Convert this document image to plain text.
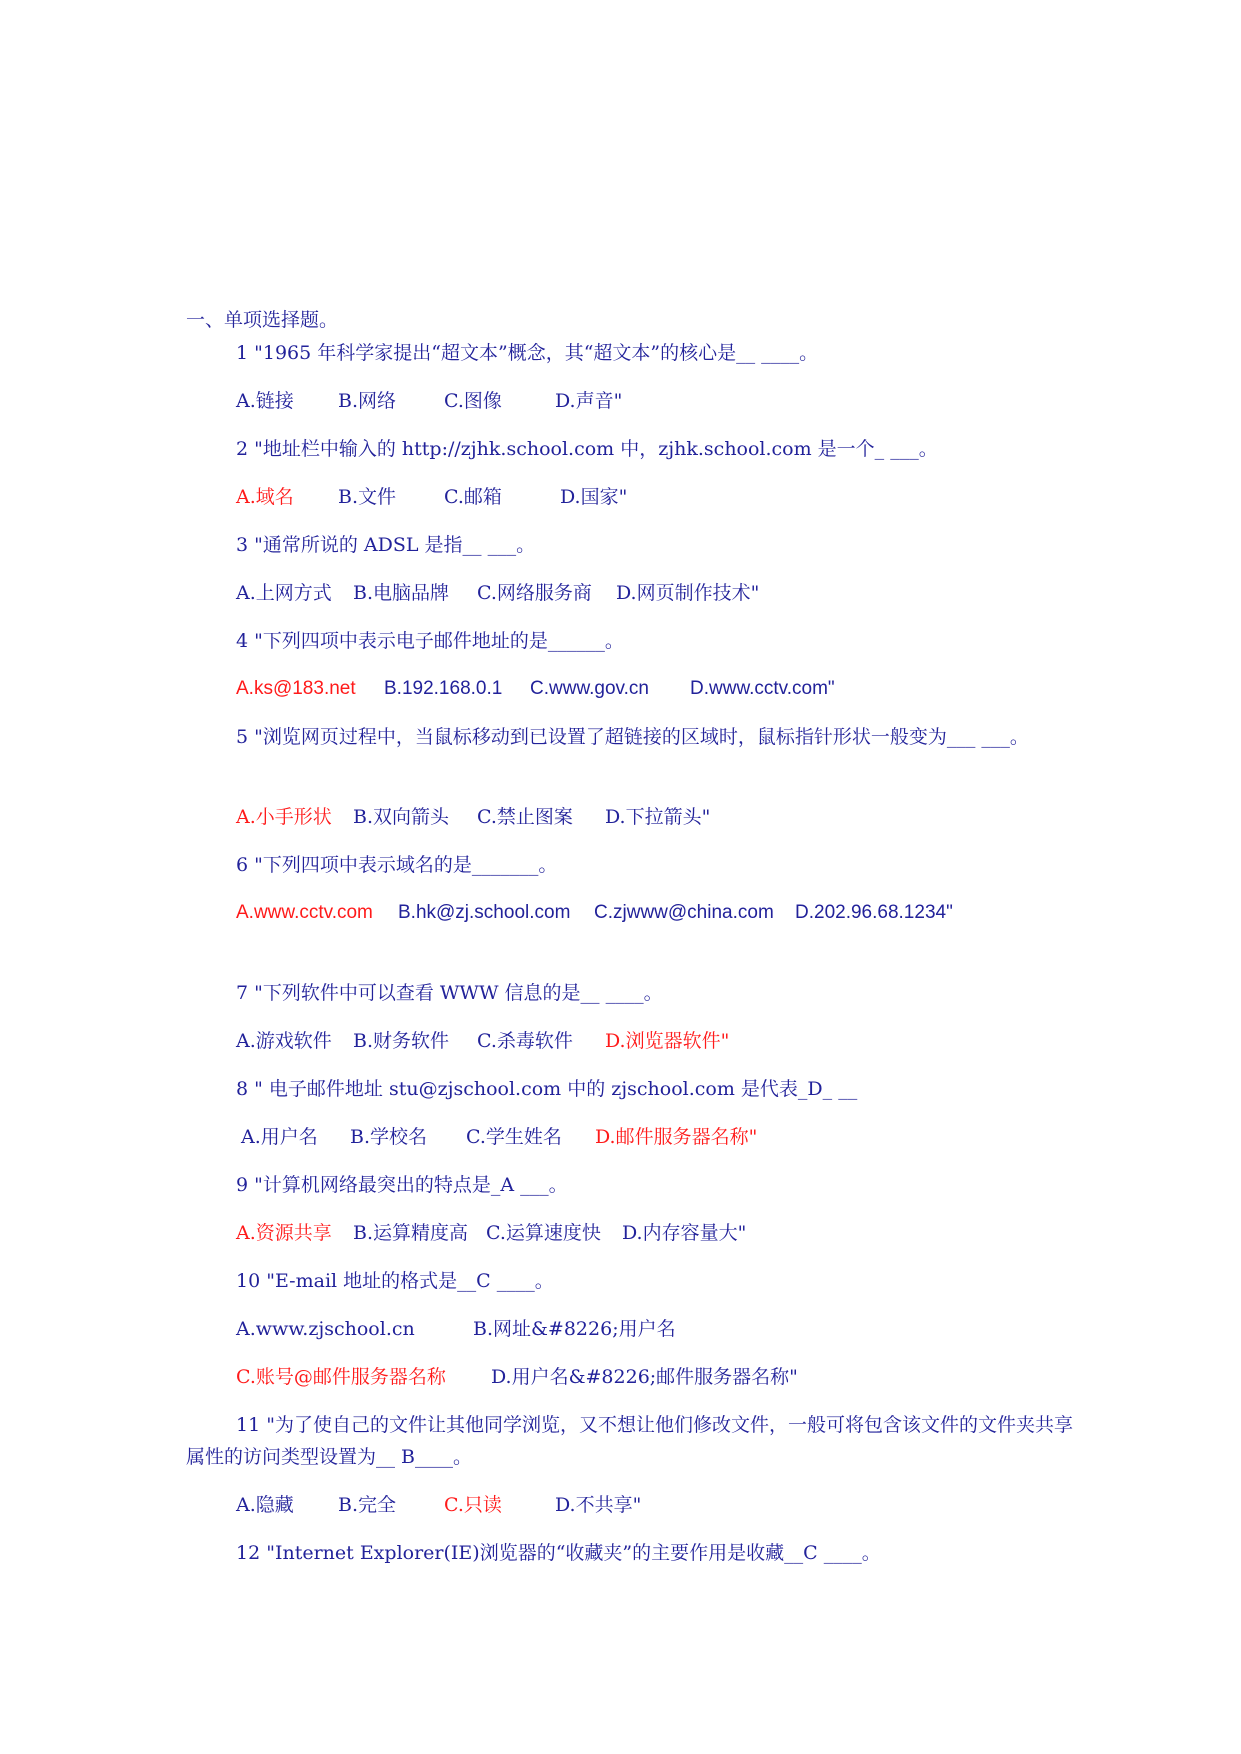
一、单项选择题。
1 "1965 年科学家提出“超文本”概念，其“超文本”的核心是__ ____。
A.链接 B.网络	C.图像	D.声音"
2 "地址栏中输入的 http://zjhk.school.com 中，zjhk.school.com 是一个_ ___。
A.域名 B.文件	C.邮箱	D.国家"
3 "通常所说的 ADSL 是指__ ___。
A.上网方式 B.电脑品牌 C.网络服务商 D.网页制作技术"
4 "下列四项中表示电子邮件地址的是______。
A.ks@183.net B.192.168.0.1 C.www.gov.cn D.www.cctv.com"
5 "浏览网页过程中，当鼠标移动到已设置了超链接的区域时，鼠标指针形状一般变为___ ___。
A.小手形状 B.双向箭头 C.禁止图案 D.下拉箭头"
6 "下列四项中表示域名的是_______。
A.www.cctv.com B.hk@zj.school.com C.zjwww@china.com D.202.96.68.1234"
7 "下列软件中可以查看 WWW 信息的是__ ____。
A.游戏软件 B.财务软件 C.杀毒软件 D.浏览器软件"
8 " 电子邮件地址 stu@zjschool.com 中的 zjschool.com 是代表_D_ __
A.用户名 B.学校名 C.学生姓名 D.邮件服务器名称"
9 "计算机网络最突出的特点是_A ___。
A.资源共享 B.运算精度高 C.运算速度快 D.内存容量大"
10 "E-mail 地址的格式是__C ____。
A.www.zjschool.cn	B.网址&#8226;用户名
C.账号@邮件服务器名称 D.用户名&#8226;邮件服务器名称"
11 "为了使自己的文件让其他同学浏览，又不想让他们修改文件，一般可将包含该文件的文件夹共享
属性的访问类型设置为__ B____。
A.隐藏 B.完全	C.只读	D.不共享"
12 "Internet Explorer(IE)浏览器的“收藏夹”的主要作用是收藏__C ____。
